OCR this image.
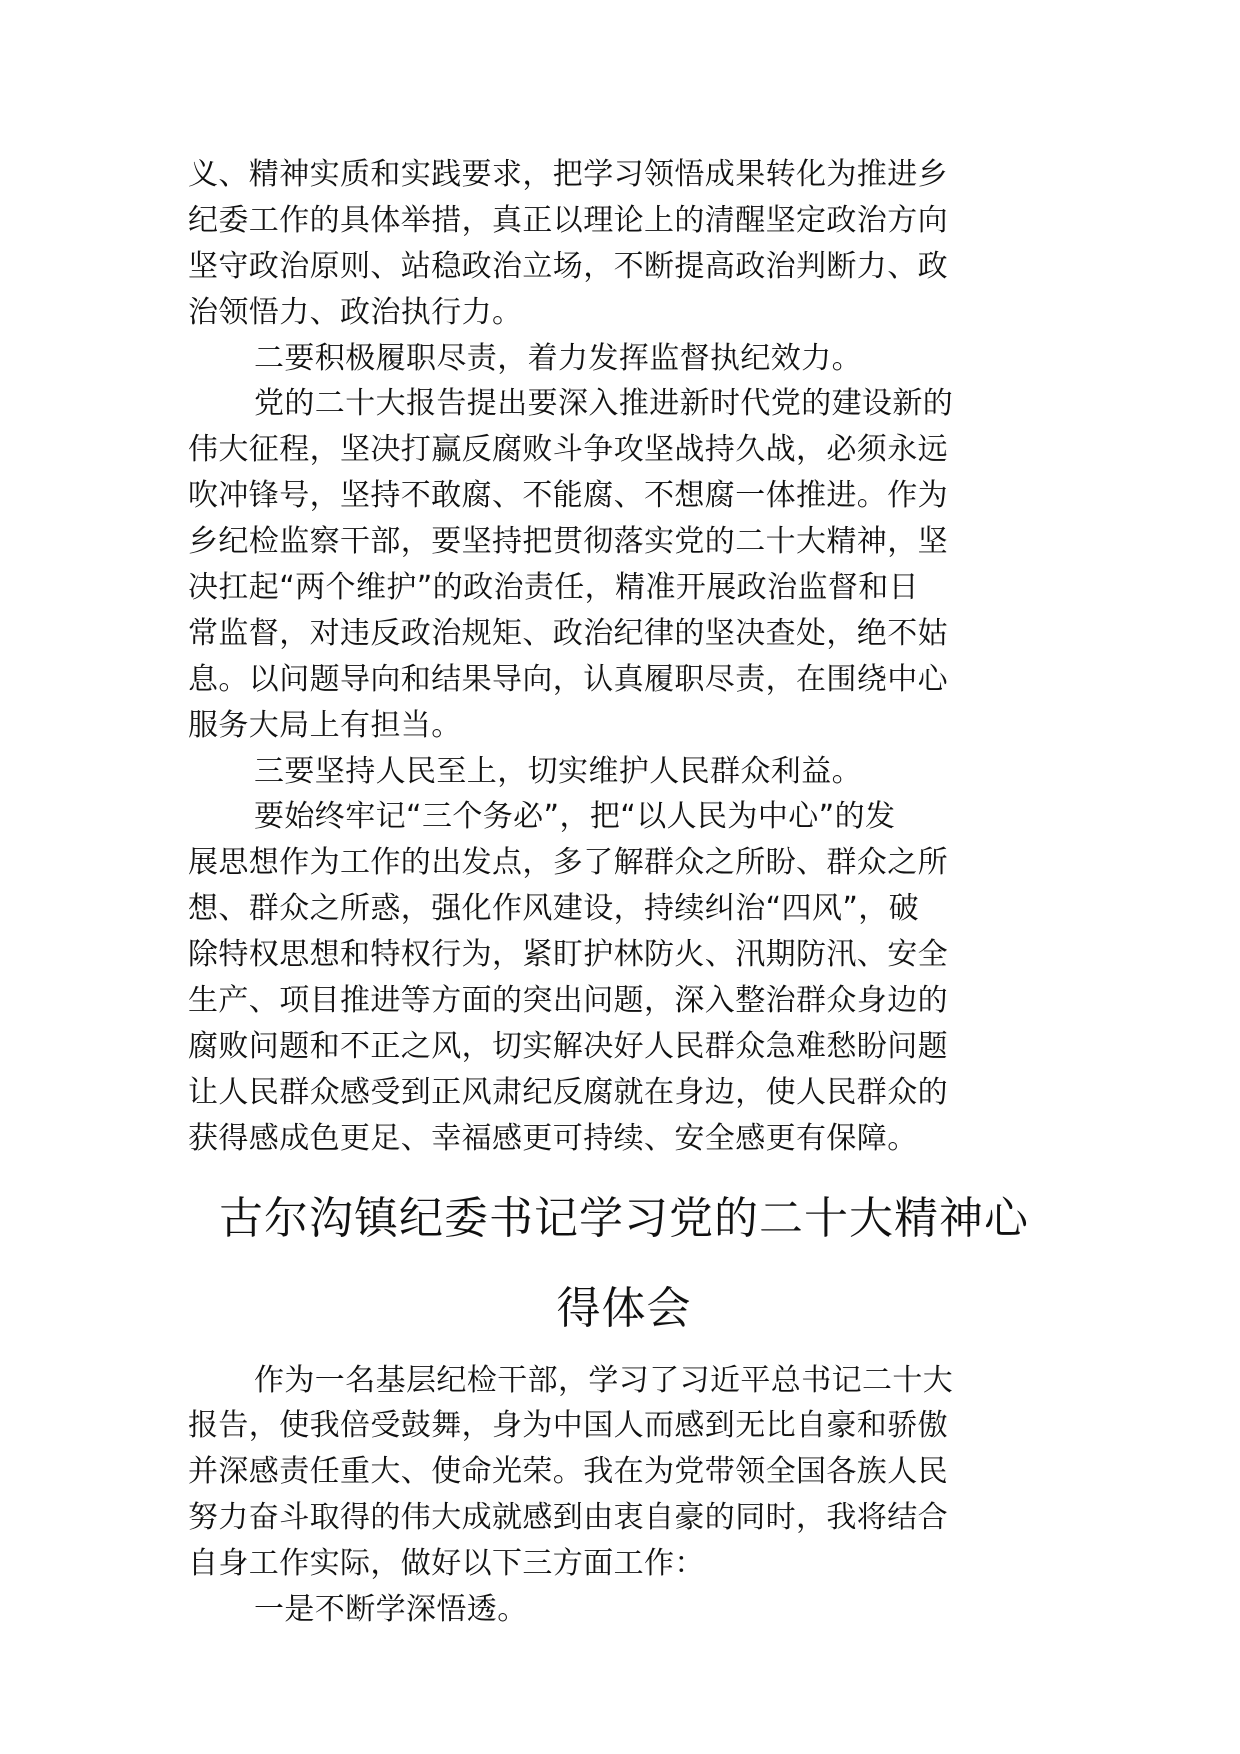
义、精神实质和实践要求，把学习领悟成果转化为推进乡
纪委工作的具体举措，真正以理论上的清醒坚定政治方向
坚守政治原则、站稳政治立场，不断提高政治判断力、政
治领悟力、政治执行力。
二要积极履职尽责，着力发挥监督执纪效力。
党的二十大报告提出要深入推进新时代党的建设新的
伟大征程，坚决打赢反腐败斗争攻坚战持久战，必须永远
吹冲锋号，坚持不敢腐、不能腐、不想腐一体推进。作为
乡纪检监察干部，要坚持把贯彻落实党的二十大精神，坚
决扛起“两个维护”的政治责任，精准开展政治监督和日
常监督，对违反政治规矩、政治纪律的坚决查处，绝不姑
息。以问题导向和结果导向，认真履职尽责，在围绕中心
服务大局上有担当。
三要坚持人民至上，切实维护人民群众利益。
要始终牢记“三个务必”，把“以人民为中心”的发
展思想作为工作的出发点，多了解群众之所盼、群众之所
想、群众之所惑，强化作风建设，持续纠治“四风”，破
除特权思想和特权行为，紧盯护林防火、汛期防汛、安全
生产、项目推进等方面的突出问题，深入整治群众身边的
腐败问题和不正之风，切实解决好人民群众急难愁盼问题
让人民群众感受到正风肃纪反腐就在身边，使人民群众的
获得感成色更足、幸福感更可持续、安全感更有保障。
古尔沟镇纪委书记学习党的二十大精神心
得体会
作为一名基层纪检干部，学习了习近平总书记二十大
报告，使我倍受鼓舞，身为中国人而感到无比自豪和骄傲
并深感责任重大、使命光荣。我在为党带领全国各族人民
努力奋斗取得的伟大成就感到由衷自豪的同时，我将结合
自身工作实际，做好以下三方面工作：
一是不断学深悟透。
